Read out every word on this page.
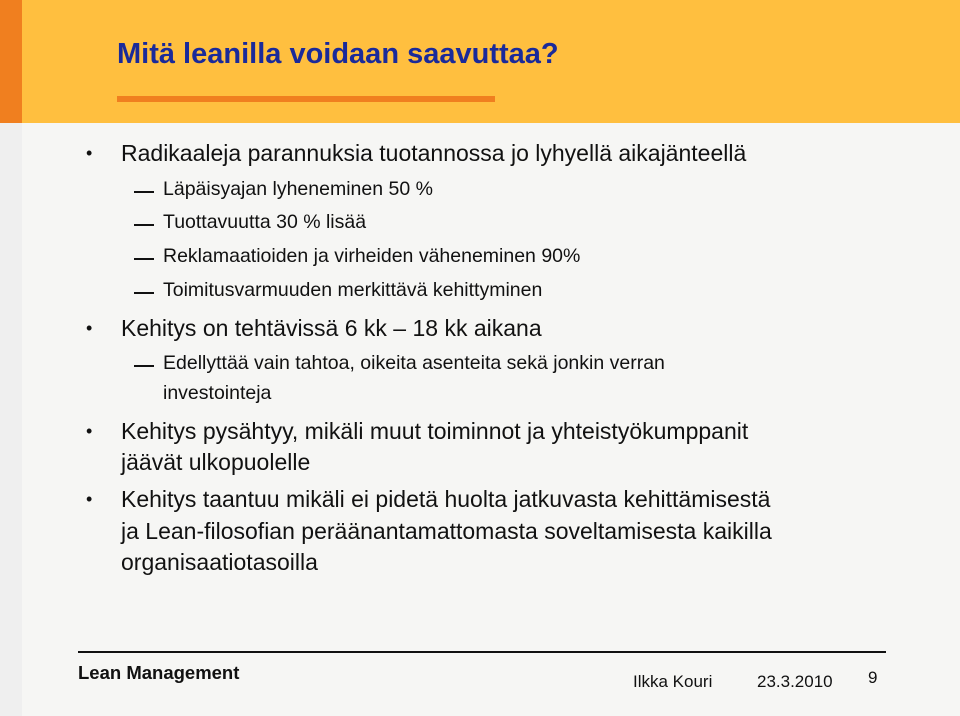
Mitä leanilla voidaan saavuttaa?
• Radikaaleja parannuksia tuotannossa jo lyhyellä aikajänteellä
Läpäisyajan lyheneminen 50 %
Tuottavuutta 30 % lisää
Reklamaatioiden ja virheiden väheneminen 90%
Toimitusvarmuuden merkittävä kehittyminen
• Kehitys on tehtävissä 6 kk – 18 kk aikana
Edellyttää vain tahtoa, oikeita asenteita sekä jonkin verran
investointeja
• Kehitys pysähtyy, mikäli muut toiminnot ja yhteistyökumppanit
jäävät ulkopuolelle
• Kehitys taantuu mikäli ei pidetä huolta jatkuvasta kehittämisestä
ja Lean-filosofian peräänantamattomasta soveltamisesta kaikilla
organisaatiotasoilla
Lean Management	Ilkka Kouri	23.3.2010 9
